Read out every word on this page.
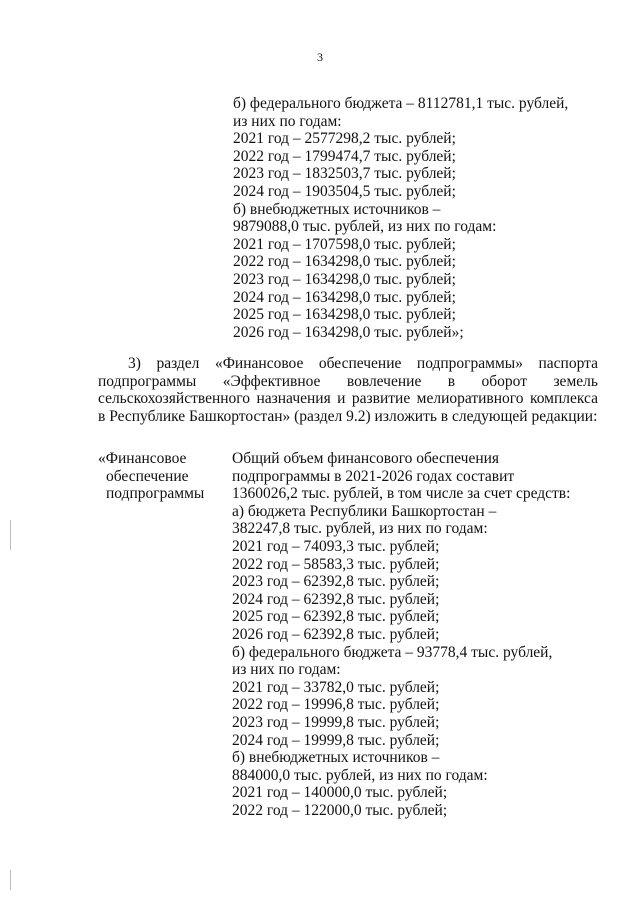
3
б) федерального бюджета – 8112781,1 тыс. рублей,
из них по годам:
2021 год – 2577298,2 тыс. рублей;
2022 год – 1799474,7 тыс. рублей;
2023 год – 1832503,7 тыс. рублей;
2024 год – 1903504,5 тыс. рублей;
б) внебюджетных источников –
9879088,0 тыс. рублей, из них по годам:
2021 год – 1707598,0 тыс. рублей;
2022 год – 1634298,0 тыс. рублей;
2023 год – 1634298,0 тыс. рублей;
2024 год – 1634298,0 тыс. рублей;
2025 год – 1634298,0 тыс. рублей;
2026 год – 1634298,0 тыс. рублей»;
3) раздел «Финансовое обеспечение подпрограммы» паспорта
подпрограммы «Эффективное вовлечение в оборот земель
сельскохозяйственного назначения и развитие мелиоративного комплекса
в Республике Башкортостан» (раздел 9.2) изложить в следующей редакции:
«Финансовое
обеспечение
подпрограммы
Общий объем финансового обеспечения
подпрограммы в 2021-2026 годах составит
1360026,2 тыс. рублей, в том числе за счет средств:
а) бюджета Республики Башкортостан –
382247,8 тыс. рублей, из них по годам:
2021 год – 74093,3 тыс. рублей;
2022 год – 58583,3 тыс. рублей;
2023 год – 62392,8 тыс. рублей;
2024 год – 62392,8 тыс. рублей;
2025 год – 62392,8 тыс. рублей;
2026 год – 62392,8 тыс. рублей;
б) федерального бюджета – 93778,4 тыс. рублей,
из них по годам:
2021 год – 33782,0 тыс. рублей;
2022 год – 19996,8 тыс. рублей;
2023 год – 19999,8 тыс. рублей;
2024 год – 19999,8 тыс. рублей;
б) внебюджетных источников –
884000,0 тыс. рублей, из них по годам:
2021 год – 140000,0 тыс. рублей;
2022 год – 122000,0 тыс. рублей;
